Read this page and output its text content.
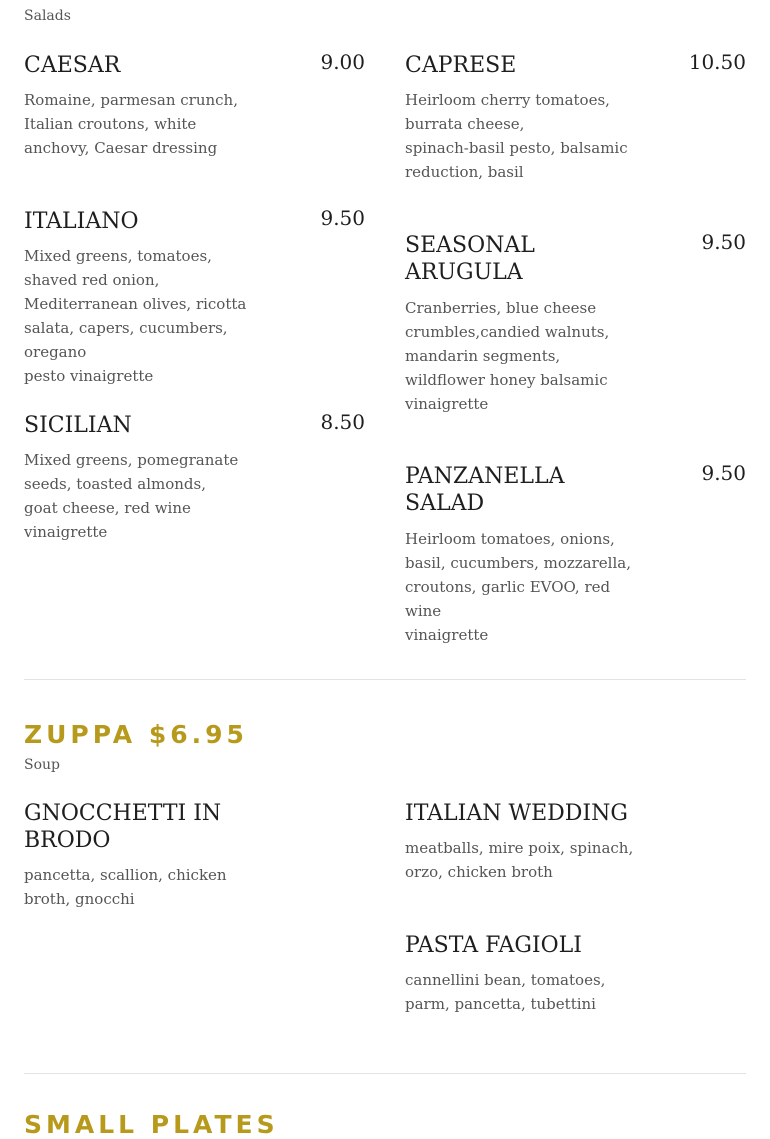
Salads
CAESAR	9.00
Romaine, parmesan crunch, Italian croutons, white
anchovy, Caesar dressing
ITALIANO	9.50
Mixed greens, tomatoes, shaved red onion,
Mediterranean olives, ricotta salata, capers, cucumbers, oregano
pesto vinaigrette
SICILIAN	8.50
Mixed greens, pomegranate seeds, toasted almonds,
goat cheese, red wine vinaigrette
CAPRESE	10.50
Heirloom cherry tomatoes, burrata cheese,
spinach-basil pesto, balsamic reduction, basil
SEASONAL ARUGULA
9.50
Cranberries, blue cheese crumbles,candied walnuts, mandarin segments, wildflower honey balsamic
vinaigrette
PANZANELLA SALAD
9.50
Heirloom tomatoes, onions, basil, cucumbers, mozzarella, croutons, garlic EVOO, red wine
vinaigrette
ZUPPA $6.95
Soup
GNOCCHETTI IN BRODO
pancetta, scallion, chicken broth, gnocchi
ITALIAN WEDDING
meatballs, mire poix, spinach, orzo, chicken broth
PASTA FAGIOLI
cannellini bean, tomatoes, parm, pancetta, tubettini
SMALL PLATES
